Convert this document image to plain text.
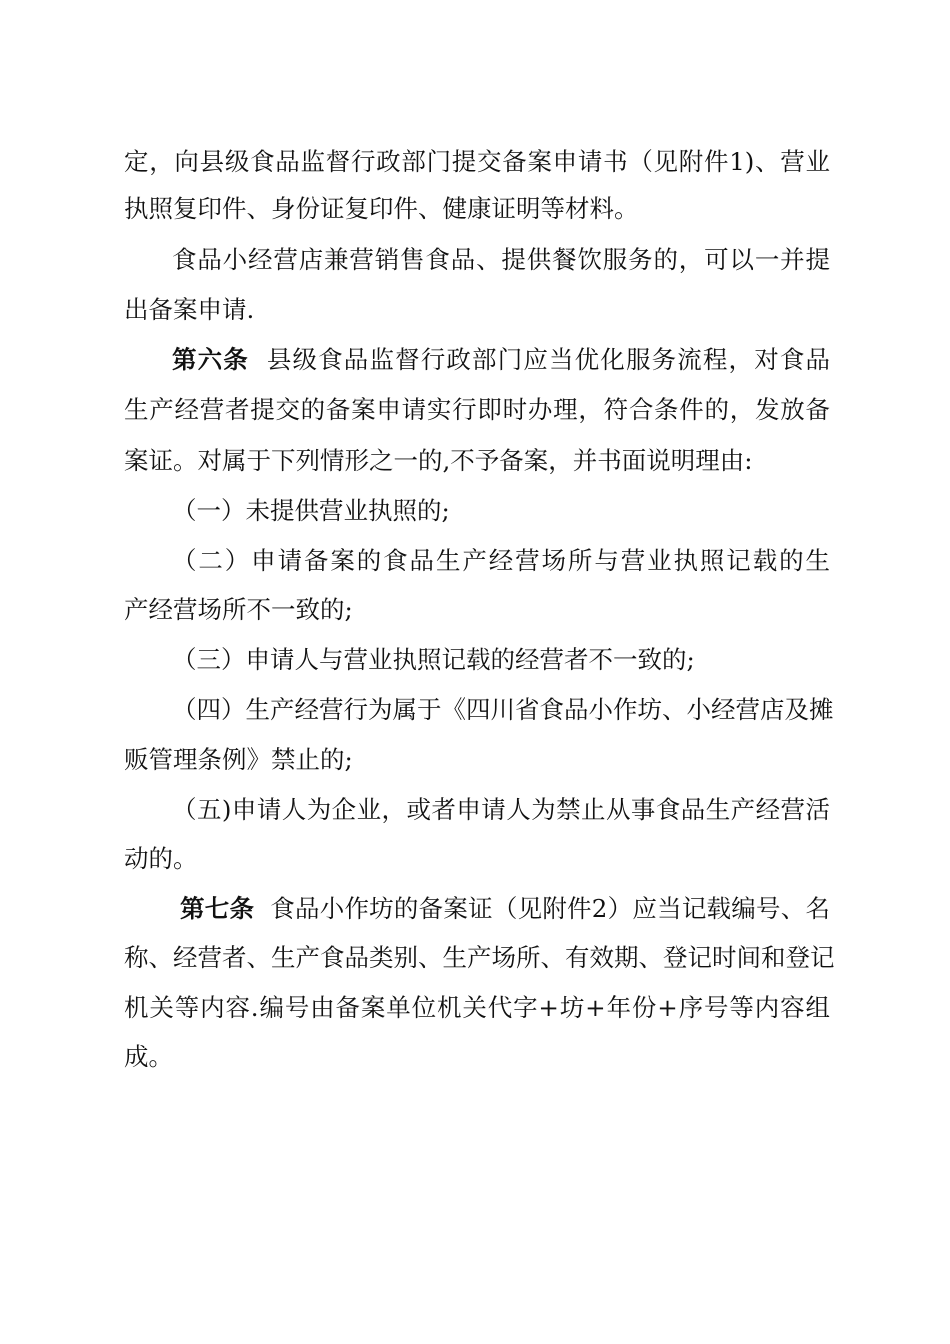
定，向县级食品监督行政部门提交备案申请书（见附件1)、营业
执照复印件、身份证复印件、健康证明等材料。
食品小经营店兼营销售食品、提供餐饮服务的，可以一并提
出备案申请.
第六条 县级食品监督行政部门应当优化服务流程，对食品
生产经营者提交的备案申请实行即时办理，符合条件的，发放备
案证。对属于下列情形之一的,不予备案，并书面说明理由:
（一）未提供营业执照的;
（二）申请备案的食品生产经营场所与营业执照记载的生
产经营场所不一致的;
（三）申请人与营业执照记载的经营者不一致的;
（四）生产经营行为属于《四川省食品小作坊、小经营店及摊
贩管理条例》禁止的;
（五)申请人为企业，或者申请人为禁止从事食品生产经营活
动的。
第七条 食品小作坊的备案证（见附件2）应当记载编号、名
称、经营者、生产食品类别、生产场所、有效期、登记时间和登记
机关等内容.编号由备案单位机关代字+坊+年份+序号等内容组
成。
